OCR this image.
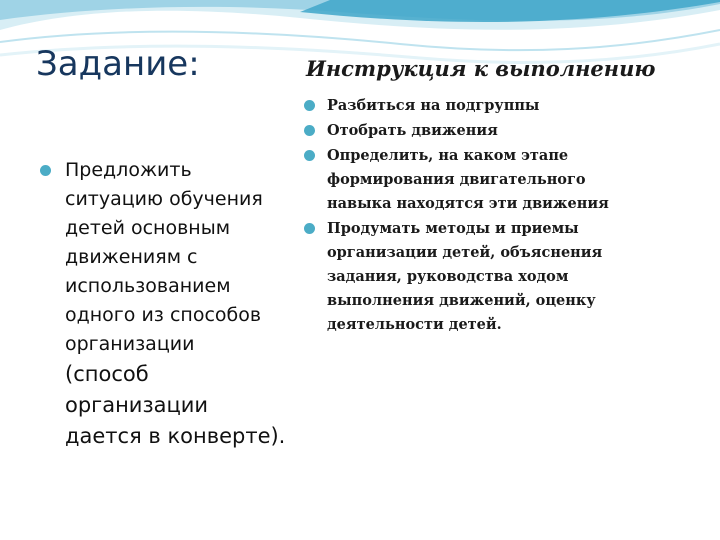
Задание:	Инструкция к выполнению
Предложить
ситуацию обучения
детей основным
движениям с
использованием
одного из способов
организации
(способ
организации
дается в конверте).
Разбиться на подгруппы
Отобрать движения
Определить, на каком этапе
формирования двигательного
навыка находятся эти движения
Продумать методы и приемы
организации детей, объяснения
задания, руководства ходом
выполнения движений, оценку
деятельности детей.
